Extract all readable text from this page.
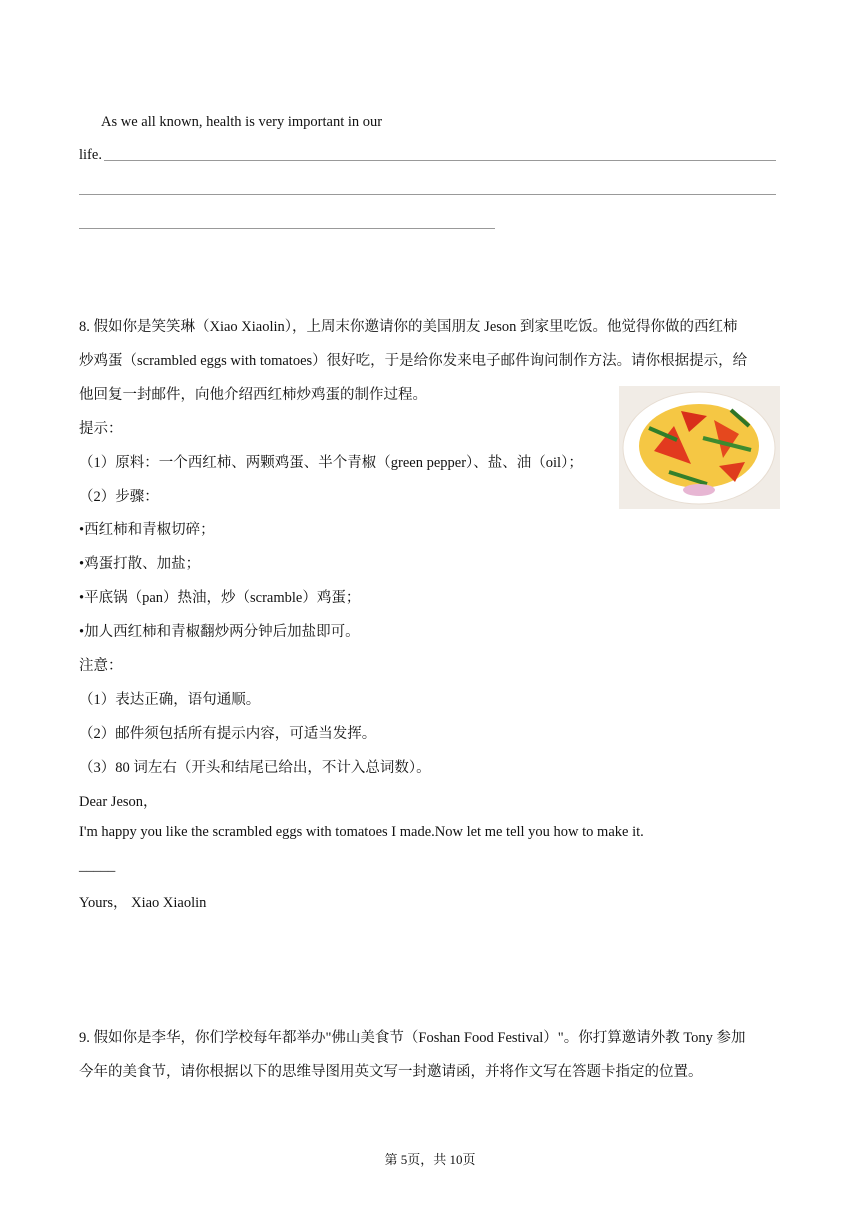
As we all known, health is very important in our
life.
8. 假如你是笑笑琳（Xiao Xiaolin），上周末你邀请你的美国朋友 Jeson 到家里吃饭。他觉得你做的西红柿
炒鸡蛋（scrambled eggs with tomatoes）很好吃，于是给你发来电子邮件询问制作方法。请你根据提示，给
他回复一封邮件，向他介绍西红柿炒鸡蛋的制作过程。
提示：
（1）原料：一个西红柿、两颗鸡蛋、半个青椒（green pepper）、盐、油（oil）；
（2）步骤：
•西红柿和青椒切碎；
•鸡蛋打散、加盐；
•平底锅（pan）热油，炒（scramble）鸡蛋；
•加人西红柿和青椒翻炒两分钟后加盐即可。
注意：
（1）表达正确，语句通顺。
（2）邮件须包括所有提示内容，可适当发挥。
（3）80 词左右（开头和结尾已给出，不计入总词数）。
Dear Jeson，
I'm happy you like the scrambled eggs with tomatoes I made.Now let me tell you how to make it.
_____
Yours， Xiao Xiaolin
9. 假如你是李华，你们学校每年都举办"佛山美食节（Foshan Food Festival）"。你打算邀请外教 Tony 参加
今年的美食节，请你根据以下的思维导图用英文写一封邀请函，并将作文写在答题卡指定的位置。
第 5页，共 10页
